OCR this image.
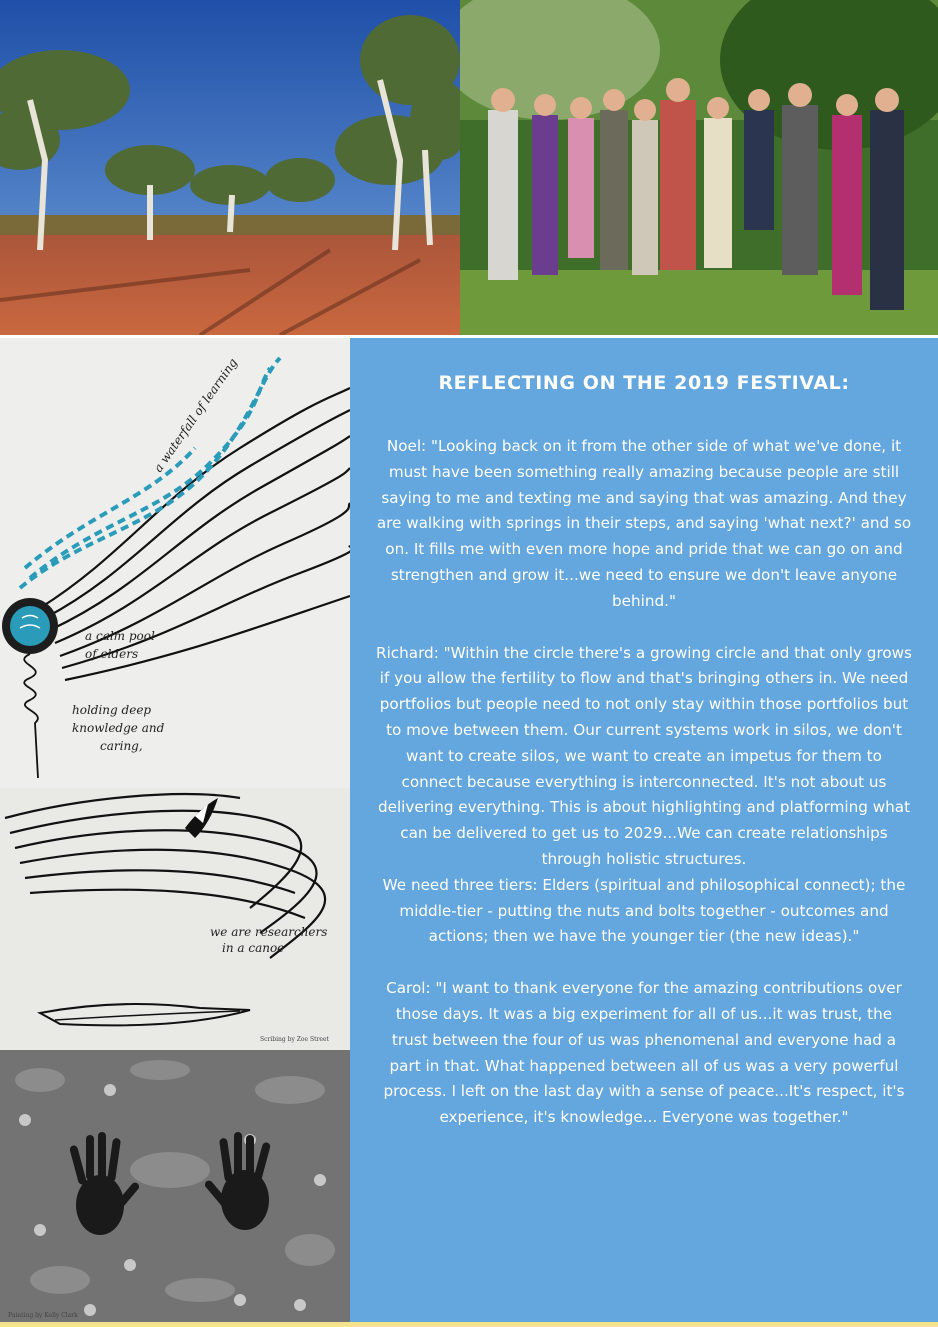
a waterfall of learning
a calm pool
of elders
holding deep
knowledge and
caring,
we are researchers
in a canoe
Scribing by Zoe Street
Painting by Kelly Clark
REFLECTING ON THE 2019 FESTIVAL:

Noel: "Looking back on it from the other side of what we've done, it must have been something really amazing because people are still saying to me and texting me and saying that was amazing. And they are walking with springs in their steps, and saying 'what next?' and so on. It fills me with even more hope and pride that we can go on and strengthen and grow it...we need to ensure we don't leave anyone behind."

Richard: "Within the circle there's a growing circle and that only grows if you allow the fertility to flow and that's bringing others in. We need portfolios but people need to not only stay within those portfolios but to move between them. Our current systems work in silos, we don't want to create silos, we want to create an impetus for them to connect because everything is interconnected. It's not about us delivering everything. This is about highlighting and platforming what can be delivered to get us to 2029...We can create relationships through holistic structures.

We need three tiers: Elders (spiritual and philosophical connect); the middle-tier - putting the nuts and bolts together - outcomes and actions; then we have the younger tier (the new ideas)."

Carol: "I want to thank everyone for the amazing contributions over those days. It was a big experiment for all of us...it was trust, the trust between the four of us was phenomenal and everyone had a part in that. What happened between all of us was a very powerful process. I left on the last day with a sense of peace...It's respect, it's experience, it's knowledge... Everyone was together."
